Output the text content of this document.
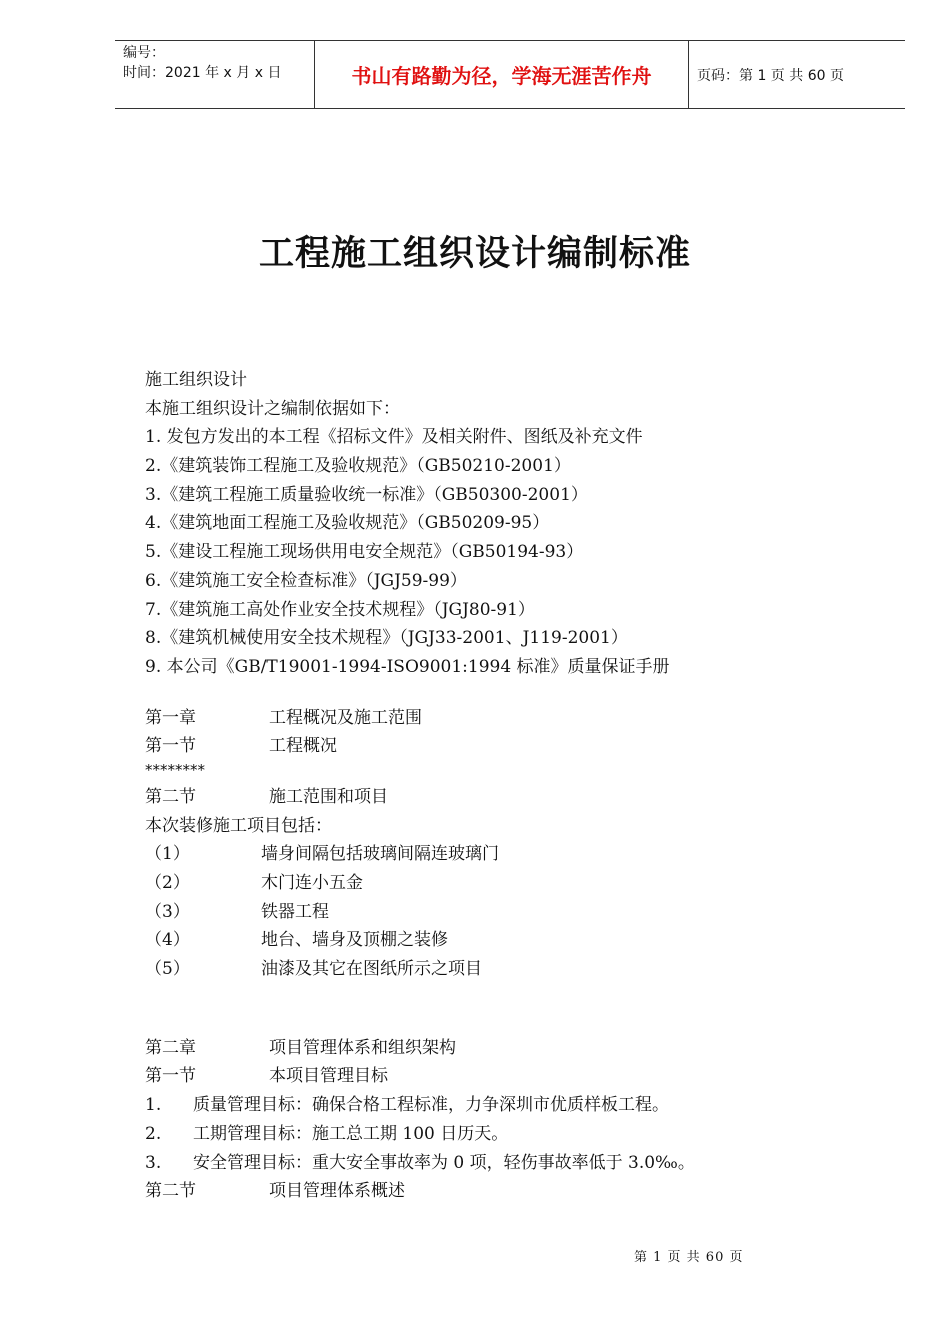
编号：
时间：2021 年 x 月 x 日	书山有路勤为径，学海无涯苦作舟	页码：第 1 页 共 60 页
工程施工组织设计编制标准
施工组织设计
本施工组织设计之编制依据如下：
1. 发包方发出的本工程《招标文件》及相关附件、图纸及补充文件
2.《建筑装饰工程施工及验收规范》（GB50210-2001）
3.《建筑工程施工质量验收统一标准》（GB50300-2001）
4.《建筑地面工程施工及验收规范》（GB50209-95）
5.《建设工程施工现场供用电安全规范》（GB50194-93）
6.《建筑施工安全检查标准》（JGJ59-99）
7.《建筑施工高处作业安全技术规程》（JGJ80-91）
8.《建筑机械使用安全技术规程》（JGJ33-2001、J119-2001）
9. 本公司《GB/T19001-1994-ISO9001:1994 标准》质量保证手册
第一章	工程概况及施工范围
第一节	工程概况
********
第二节	施工范围和项目
本次装修施工项目包括：
（1）	墙身间隔包括玻璃间隔连玻璃门
（2）	木门连小五金
（3）	铁器工程
（4）	地台、墙身及顶棚之装修
（5）	油漆及其它在图纸所示之项目
第二章	项目管理体系和组织架构
第一节	本项目管理目标
1. 质量管理目标：确保合格工程标准，力争深圳市优质样板工程。
2. 工期管理目标：施工总工期 100 日历天。
3. 安全管理目标：重大安全事故率为 0 项，轻伤事故率低于 3.0‰。
第二节	项目管理体系概述
第 1 页 共 60 页
